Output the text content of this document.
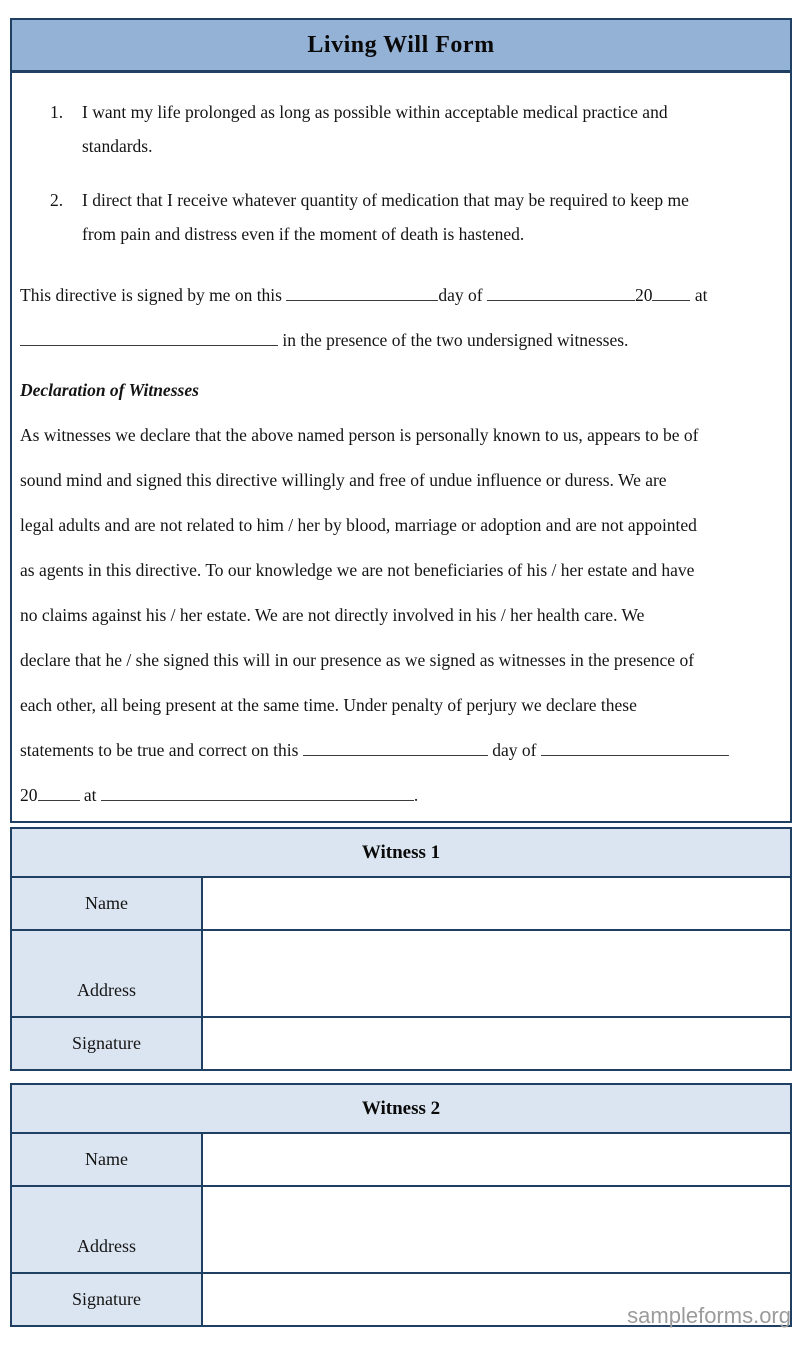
Living Will Form
1.	I want my life prolonged as long as possible within acceptable medical practice and
standards.
2.	I direct that I receive whatever quantity of medication that may be required to keep me
from pain and distress even if the moment of death is hastened.
This directive is signed by me on this	day of	20 at
in the presence of the two undersigned witnesses.
Declaration of Witnesses
As witnesses we declare that the above named person is personally known to us, appears to be of
sound mind and signed this directive willingly and free of undue influence or duress. We are
legal adults and are not related to him / her by blood, marriage or adoption and are not appointed
as agents in this directive. To our knowledge we are not beneficiaries of his / her estate and have
no claims against his / her estate. We are not directly involved in his / her health care. We
declare that he / she signed this will in our presence as we signed as witnesses in the presence of
each other, all being present at the same time. Under penalty of perjury we declare these
statements to be true and correct on this	day of
20	at	.
Witness 1
Name
Address
Signature
Witness 2
Name
Address
Signature
sampleforms.org
